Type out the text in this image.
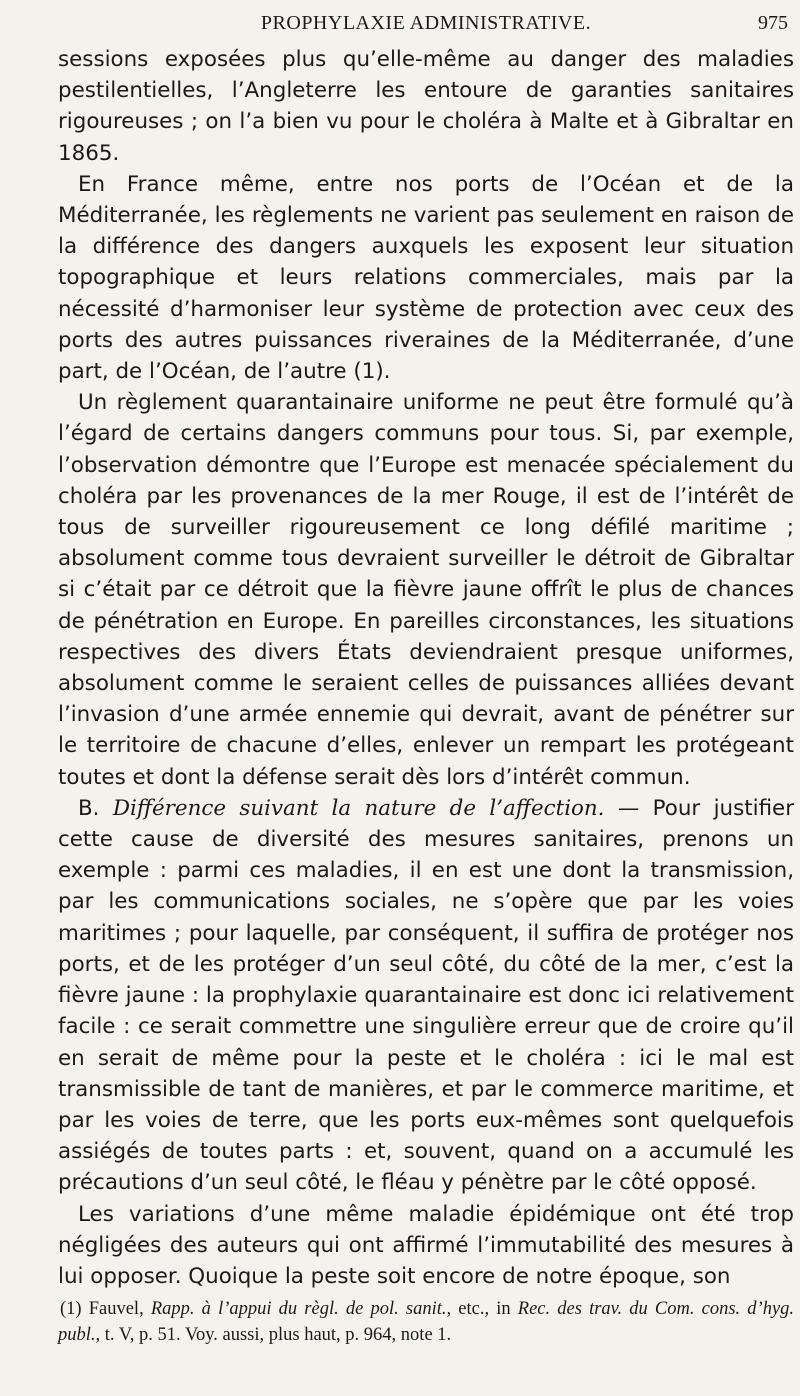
PROPHYLAXIE ADMINISTRATIVE.	975

sessions exposées plus qu’elle-même au danger des maladies pestilentielles, l’Angleterre les entoure de garanties sanitaires rigoureuses ; on l’a bien vu pour le choléra à Malte et à Gibraltar en 1865.

En France même, entre nos ports de l’Océan et de la Méditerranée, les règlements ne varient pas seulement en raison de la différence des dangers auxquels les exposent leur situation topographique et leurs relations commerciales, mais par la nécessité d’harmoniser leur système de protection avec ceux des ports des autres puissances riveraines de la Méditerranée, d’une part, de l’Océan, de l’autre (1).

Un règlement quarantainaire uniforme ne peut être formulé qu’à l’égard de certains dangers communs pour tous. Si, par exemple, l’observation démontre que l’Europe est menacée spécialement du choléra par les provenances de la mer Rouge, il est de l’intérêt de tous de surveiller rigoureusement ce long défilé maritime ; absolument comme tous devraient surveiller le détroit de Gibraltar si c’était par ce détroit que la fièvre jaune offrît le plus de chances de pénétration en Europe. En pareilles circonstances, les situations respectives des divers États deviendraient presque uniformes, absolument comme le seraient celles de puissances alliées devant l’invasion d’une armée ennemie qui devrait, avant de pénétrer sur le territoire de chacune d’elles, enlever un rempart les protégeant toutes et dont la défense serait dès lors d’intérêt commun.

B. Différence suivant la nature de l’affection. — Pour justifier cette cause de diversité des mesures sanitaires, prenons un exemple : parmi ces maladies, il en est une dont la transmission, par les communications sociales, ne s’opère que par les voies maritimes ; pour laquelle, par conséquent, il suffira de protéger nos ports, et de les protéger d’un seul côté, du côté de la mer, c’est la fièvre jaune : la prophylaxie quarantainaire est donc ici relativement facile : ce serait commettre une singulière erreur que de croire qu’il en serait de même pour la peste et le choléra : ici le mal est transmissible de tant de manières, et par le commerce maritime, et par les voies de terre, que les ports eux-mêmes sont quelquefois assiégés de toutes parts : et, souvent, quand on a accumulé les précautions d’un seul côté, le fléau y pénètre par le côté opposé.

Les variations d’une même maladie épidémique ont été trop négligées des auteurs qui ont affirmé l’immutabilité des mesures à lui opposer. Quoique la peste soit encore de notre époque, son

(1) Fauvel, Rapp. à l’appui du règl. de pol. sanit., etc., in Rec. des trav. du Com. cons. d’hyg. publ., t. V, p. 51. Voy. aussi, plus haut, p. 964, note 1.
